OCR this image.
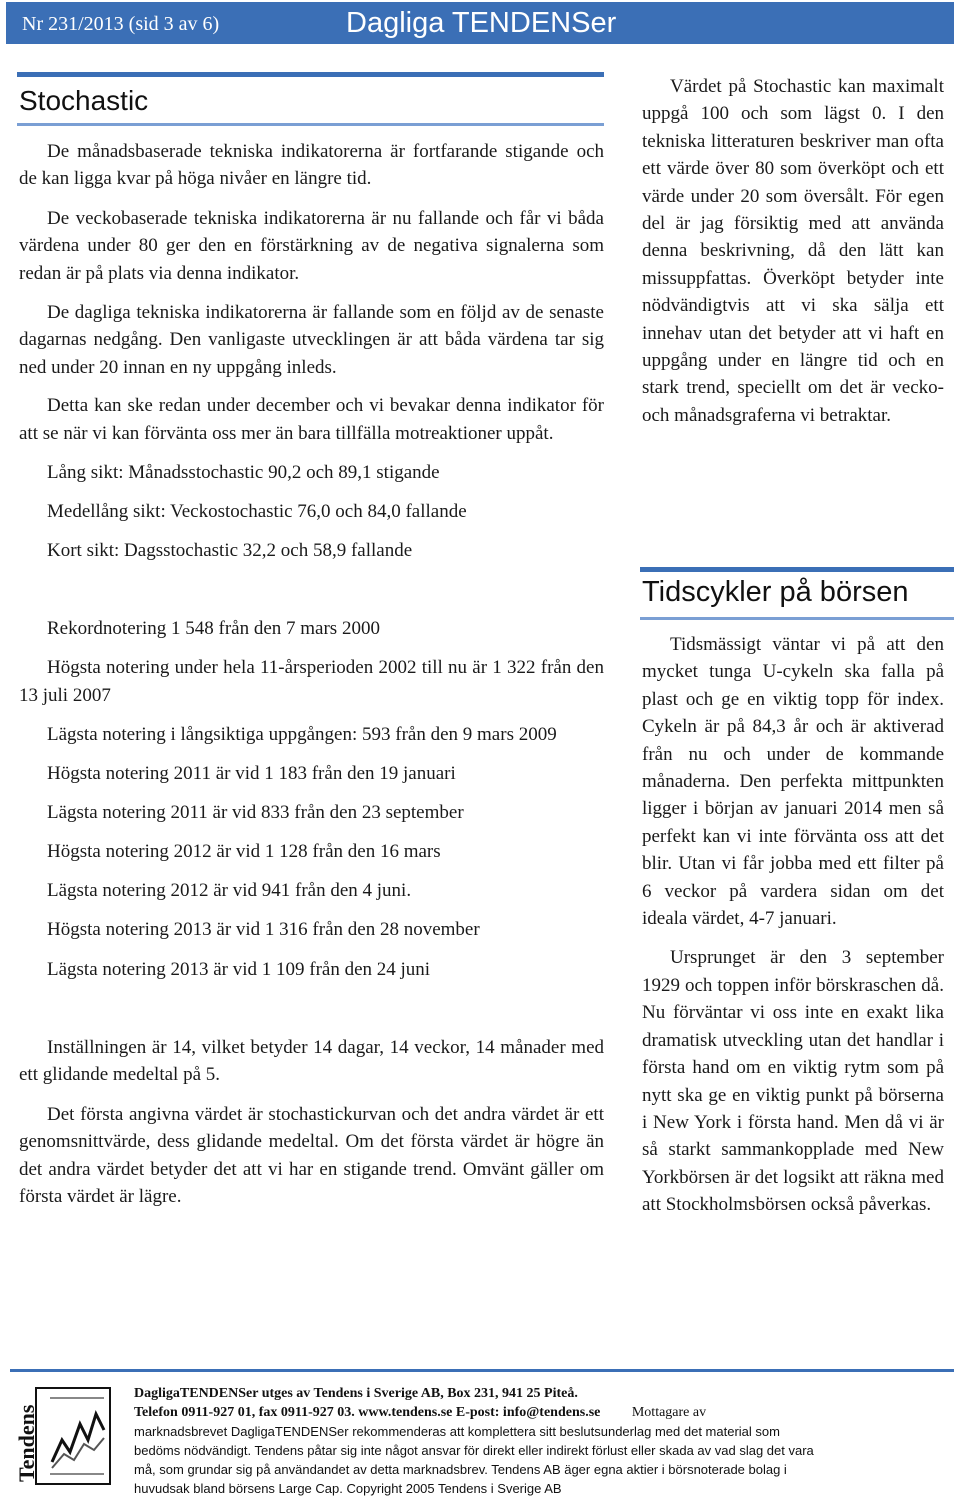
Nr 231/2013 (sid 3 av 6)	Dagliga TENDENSer
Stochastic

De månadsbaserade tekniska indikatorerna är fortfarande stigande och de kan ligga kvar på höga nivåer en längre tid.

De veckobaserade tekniska indikatorerna är nu fallande och får vi båda värdena under 80 ger den en förstärkning av de negativa signalerna som redan är på plats via denna indikator.

De dagliga tekniska indikatorerna är fallande som en följd av de senaste dagarnas nedgång. Den vanligaste utvecklingen är att båda värdena tar sig ned under 20 innan en ny uppgång inleds.

Detta kan ske redan under december och vi bevakar denna indikator för att se när vi kan förvänta oss mer än bara tillfälla motreaktioner uppåt.

Lång sikt: Månadsstochastic 90,2 och 89,1 stigande

Medellång sikt: Veckostochastic 76,0 och 84,0 fallande

Kort sikt: Dagsstochastic 32,2 och 58,9 fallande

Rekordnotering 1 548 från den 7 mars 2000

Högsta notering under hela 11-årsperioden 2002 till nu är 1 322 från den 13 juli 2007

Lägsta notering i långsiktiga uppgången: 593 från den 9 mars 2009

Högsta notering 2011 är vid 1 183 från den 19 januari

Lägsta notering 2011 är vid 833 från den 23 september

Högsta notering 2012 är vid 1 128 från den 16 mars

Lägsta notering 2012 är vid 941 från den 4 juni.

Högsta notering 2013 är vid 1 316 från den 28 november

Lägsta notering 2013 är vid 1 109 från den 24 juni

Inställningen är 14, vilket betyder 14 dagar, 14 veckor, 14 månader med ett glidande medeltal på 5.

Det första angivna värdet är stochastickurvan och det andra värdet är ett genomsnittvärde, dess glidande medeltal. Om det första värdet är högre än det andra värdet betyder det att vi har en stigande trend. Omvänt gäller om första värdet är lägre.

Värdet på Stochastic kan maximalt uppgå 100 och som lägst 0. I den tekniska litteraturen beskriver man ofta ett värde över 80 som överköpt och ett värde under 20 som översålt. För egen del är jag försiktig med att använda denna beskrivning, då den lätt kan missuppfattas. Överköpt betyder inte nödvändigtvis att vi ska sälja ett innehav utan det betyder att vi haft en uppgång under en längre tid och en stark trend, speciellt om det är vecko- och månadsgraferna vi betraktar.

Tidscykler på börsen

Tidsmässigt väntar vi på att den mycket tunga U-cykeln ska falla på plast och ge en viktig topp för index. Cykeln är på 84,3 år och är aktiverad från nu och under de kommande månaderna. Den perfekta mittpunkten ligger i början av januari 2014 men så perfekt kan vi inte förvänta oss att det blir. Utan vi får jobba med ett filter på 6 veckor på vardera sidan om det ideala värdet, 4-7 januari.

Ursprunget är den 3 september 1929 och toppen inför börskraschen då. Nu förväntar vi oss inte en exakt lika dramatisk utveckling utan det handlar i första hand om en viktig rytm som på nytt ska ge en viktig punkt på börserna i New York i första hand. Men då vi är så starkt sammankopplade med New Yorkbörsen är det logsikt att räkna med att Stockholmsbörsen också påverkas.

Tendens

DagligaTENDENSer utges av Tendens i Sverige AB, Box 231, 941 25 Piteå.

Telefon 0911-927 01, fax 0911-927 03. www.tendens.se E-post: info@tendens.se Mottagare av

marknadsbrevet DagligaTENDENSer rekommenderas att komplettera sitt beslutsunderlag med det material som

bedöms nödvändigt. Tendens påtar sig inte något ansvar för direkt eller indirekt förlust eller skada av vad slag det vara

må, som grundar sig på användandet av detta marknadsbrev. Tendens AB äger egna aktier i börsnoterade bolag i

huvudsak bland börsens Large Cap. Copyright 2005 Tendens i Sverige AB
